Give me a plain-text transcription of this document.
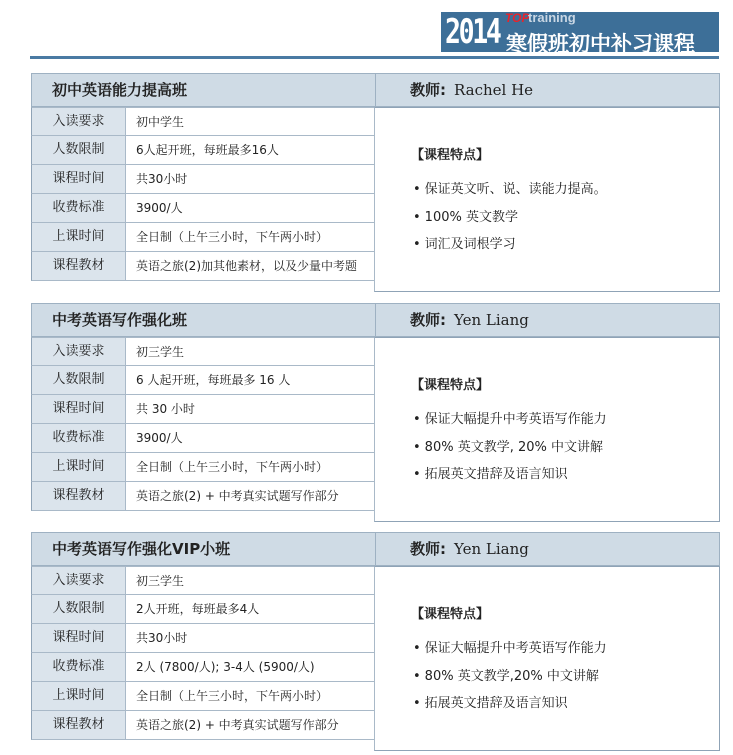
2014 TOP
training
寒假班初中补习课程
初中英语能力提高班	教师: Rachel He
入读要求	初中学生
人数限制	6人起开班，每班最多16人
课程时间	共30小时
收费标准	3900/人
上课时间	全日制（上午三小时，下午两小时）
课程教材	英语之旅(2)加其他素材，以及少量中考题
【课程特点】
• 保证英文听、说、读能力提高。
• 100% 英文教学
• 词汇及词根学习
中考英语写作强化班	教师: Yen Liang
入读要求	初三学生
人数限制	6 人起开班，每班最多 16 人
课程时间	共 30 小时
收费标准	3900/人
上课时间	全日制（上午三小时，下午两小时）
课程教材	英语之旅(2) + 中考真实试题写作部分
【课程特点】
• 保证大幅提升中考英语写作能力
• 80% 英文教学, 20% 中文讲解
• 拓展英文措辞及语言知识
中考英语写作强化VIP小班	教师: Yen Liang
入读要求	初三学生
人数限制	2人开班，每班最多4人
课程时间	共30小时
收费标准	2人 (7800/人); 3-4人 (5900/人)
上课时间	全日制（上午三小时，下午两小时）
课程教材	英语之旅(2) + 中考真实试题写作部分
【课程特点】
• 保证大幅提升中考英语写作能力
• 80% 英文教学,20% 中文讲解
• 拓展英文措辞及语言知识
